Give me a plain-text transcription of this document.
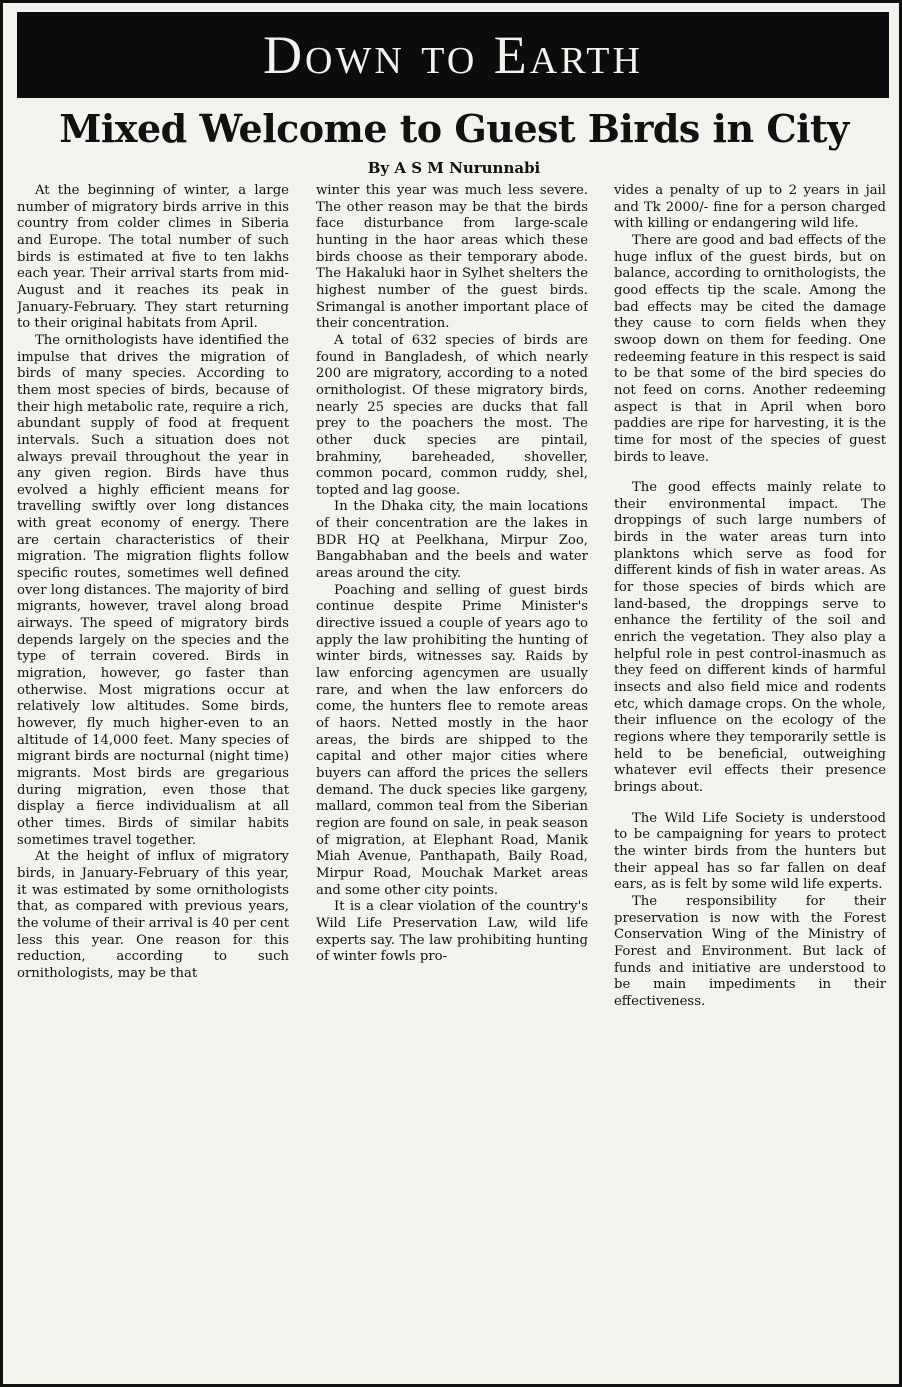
Down to Earth
Mixed Welcome to Guest Birds in City
By A S M Nurunnabi

At the beginning of winter, a large number of migratory birds arrive in this country from colder climes in Siberia and Europe. The total number of such birds is estimated at five to ten lakhs each year. Their arrival starts from mid-August and it reaches its peak in January-February. They start returning to their original habitats from April.

The ornithologists have identified the impulse that drives the migration of birds of many species. According to them most species of birds, because of their high metabolic rate, require a rich, abundant supply of food at frequent intervals. Such a situation does not always prevail throughout the year in any given region. Birds have thus evolved a highly efficient means for travelling swiftly over long distances with great economy of energy. There are certain characteristics of their migration. The migration flights follow specific routes, sometimes well defined over long distances. The majority of bird migrants, however, travel along broad airways. The speed of migratory birds depends largely on the species and the type of terrain covered. Birds in migration, however, go faster than otherwise. Most migrations occur at relatively low altitudes. Some birds, however, fly much higher-even to an altitude of 14,000 feet. Many species of migrant birds are nocturnal (night time) migrants. Most birds are gregarious during migration, even those that display a fierce individualism at all other times. Birds of similar habits sometimes travel together.

At the height of influx of migratory birds, in January-February of this year, it was estimated by some ornithologists that, as compared with previous years, the volume of their arrival is 40 per cent less this year. One reason for this reduction, according to such ornithologists, may be that

winter this year was much less severe. The other reason may be that the birds face disturbance from large-scale hunting in the haor areas which these birds choose as their temporary abode. The Hakaluki haor in Sylhet shelters the highest number of the guest birds. Srimangal is another important place of their concentration.

A total of 632 species of birds are found in Bangladesh, of which nearly 200 are migratory, according to a noted ornithologist. Of these migratory birds, nearly 25 species are ducks that fall prey to the poachers the most. The other duck species are pintail, brahminy, bareheaded, shoveller, common pocard, common ruddy, shel, topted and lag goose.

In the Dhaka city, the main locations of their concentration are the lakes in BDR HQ at Peelkhana, Mirpur Zoo, Bangabhaban and the beels and water areas around the city.

Poaching and selling of guest birds continue despite Prime Minister's directive issued a couple of years ago to apply the law prohibiting the hunting of winter birds, witnesses say. Raids by law enforcing agencymen are usually rare, and when the law enforcers do come, the hunters flee to remote areas of haors. Netted mostly in the haor areas, the birds are shipped to the capital and other major cities where buyers can afford the prices the sellers demand. The duck species like gargeny, mallard, common teal from the Siberian region are found on sale, in peak season of migration, at Elephant Road, Manik Miah Avenue, Panthapath, Baily Road, Mirpur Road, Mouchak Market areas and some other city points.

It is a clear violation of the country's Wild Life Preservation Law, wild life experts say. The law prohibiting hunting of winter fowls pro-

vides a penalty of up to 2 years in jail and Tk 2000/- fine for a person charged with killing or endangering wild life.

There are good and bad effects of the huge influx of the guest birds, but on balance, according to ornithologists, the good effects tip the scale. Among the bad effects may be cited the damage they cause to corn fields when they swoop down on them for feeding. One redeeming feature in this respect is said to be that some of the bird species do not feed on corns. Another redeeming aspect is that in April when boro paddies are ripe for harvesting, it is the time for most of the species of guest birds to leave.

The good effects mainly relate to their environmental impact. The droppings of such large numbers of birds in the water areas turn into planktons which serve as food for different kinds of fish in water areas. As for those species of birds which are land-based, the droppings serve to enhance the fertility of the soil and enrich the vegetation. They also play a helpful role in pest control-inasmuch as they feed on different kinds of harmful insects and also field mice and rodents etc, which damage crops. On the whole, their influence on the ecology of the regions where they temporarily settle is held to be beneficial, outweighing whatever evil effects their presence brings about.

The Wild Life Society is understood to be campaigning for years to protect the winter birds from the hunters but their appeal has so far fallen on deaf ears, as is felt by some wild life experts.

The responsibility for their preservation is now with the Forest Conservation Wing of the Ministry of Forest and Environment. But lack of funds and initiative are understood to be main impediments in their effectiveness.
